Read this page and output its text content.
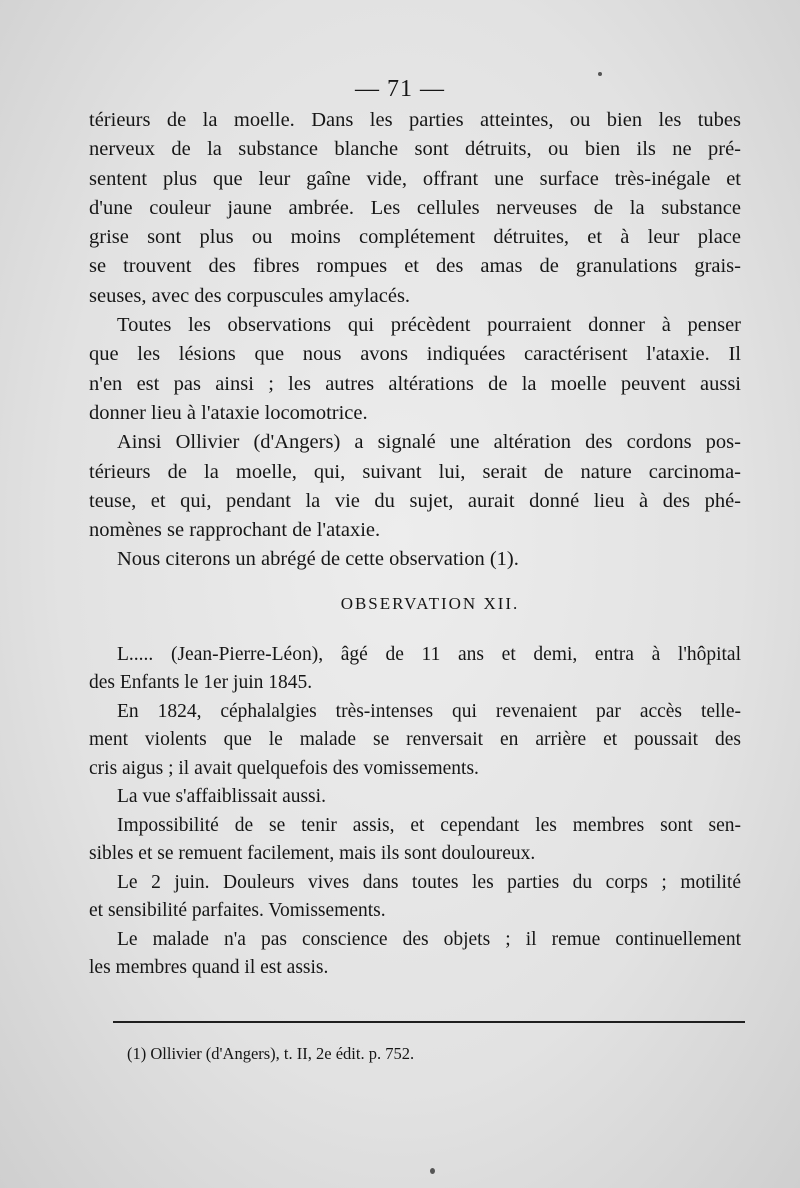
— 71 —
térieurs de la moelle. Dans les parties atteintes, ou bien les tubes
nerveux de la substance blanche sont détruits, ou bien ils ne pré-
sentent plus que leur gaîne vide, offrant une surface très-inégale et
d'une couleur jaune ambrée. Les cellules nerveuses de la substance
grise sont plus ou moins complétement détruites, et à leur place
se trouvent des fibres rompues et des amas de granulations grais-
seuses, avec des corpuscules amylacés.
Toutes les observations qui précèdent pourraient donner à penser
que les lésions que nous avons indiquées caractérisent l'ataxie. Il
n'en est pas ainsi ; les autres altérations de la moelle peuvent aussi
donner lieu à l'ataxie locomotrice.
Ainsi Ollivier (d'Angers) a signalé une altération des cordons pos-
térieurs de la moelle, qui, suivant lui, serait de nature carcinoma-
teuse, et qui, pendant la vie du sujet, aurait donné lieu à des phé-
nomènes se rapprochant de l'ataxie.
Nous citerons un abrégé de cette observation (1).
OBSERVATION XII.
L..... (Jean-Pierre-Léon), âgé de 11 ans et demi, entra à l'hôpital
des Enfants le 1er juin 1845.
En 1824, céphalalgies très-intenses qui revenaient par accès telle-
ment violents que le malade se renversait en arrière et poussait des
cris aigus ; il avait quelquefois des vomissements.
La vue s'affaiblissait aussi.
Impossibilité de se tenir assis, et cependant les membres sont sen-
sibles et se remuent facilement, mais ils sont douloureux.
Le 2 juin. Douleurs vives dans toutes les parties du corps ; motilité
et sensibilité parfaites. Vomissements.
Le malade n'a pas conscience des objets ; il remue continuellement
les membres quand il est assis.
(1) Ollivier (d'Angers), t. II, 2e édit. p. 752.
